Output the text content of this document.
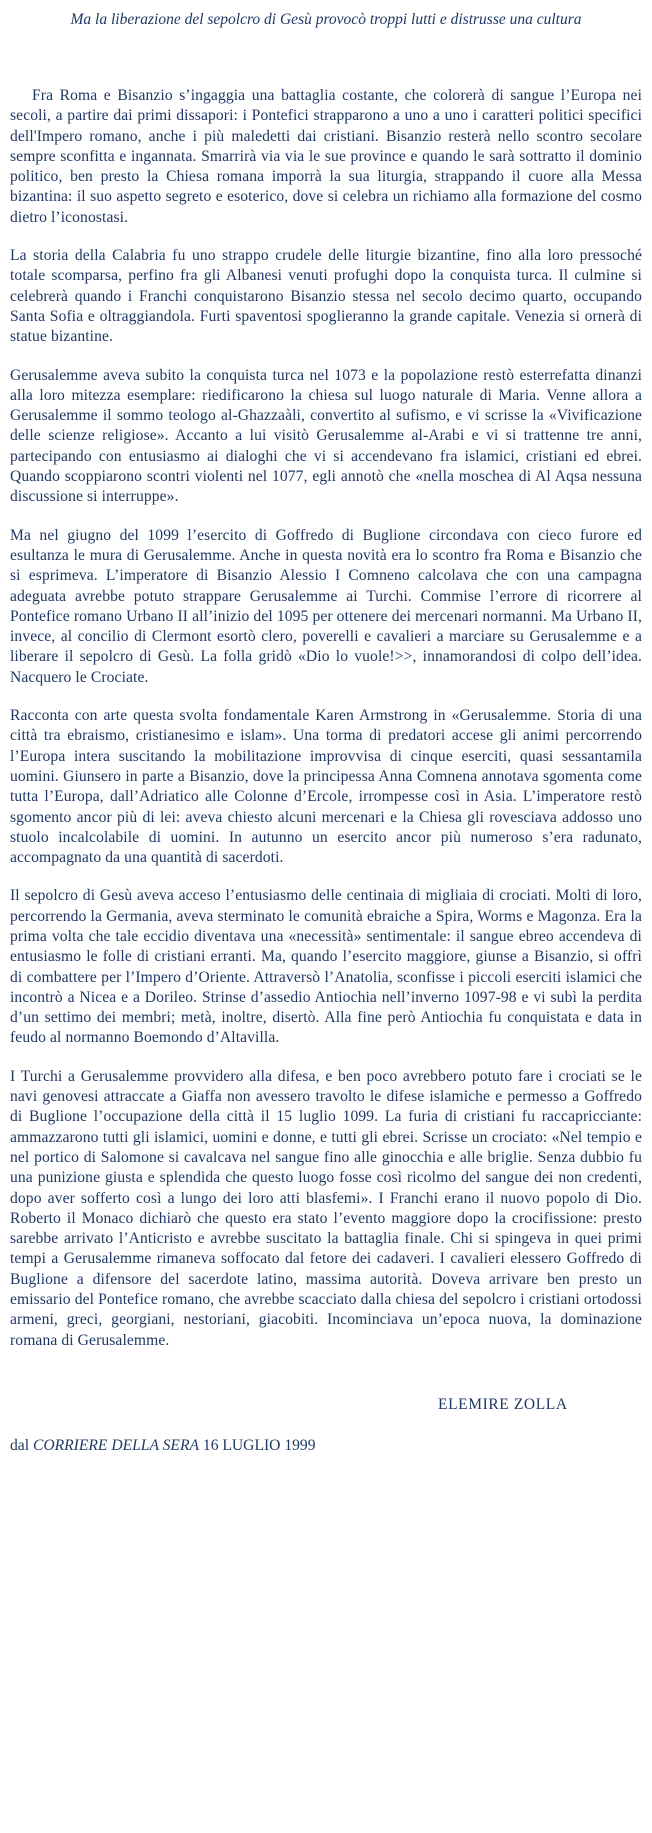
Ma la liberazione del sepolcro di Gesù provocò troppi lutti e distrusse una cultura

Fra Roma e Bisanzio s’ingaggia una battaglia costante, che colorerà di sangue l’Europa nei secoli, a partire dai primi dissapori: i Pontefici strapparono a uno a uno i caratteri politici specifici dell'Impero romano, anche i più maledetti dai cristiani. Bisanzio resterà nello scontro secolare sempre sconfitta e ingannata. Smarrirà via via le sue province e quando le sarà sottratto il dominio politico, ben presto la Chiesa romana imporrà la sua liturgia, strappando il cuore alla Messa bizantina: il suo aspetto segreto e esoterico, dove si celebra un richiamo alla formazione del cosmo dietro l’iconostasi.

La storia della Calabria fu uno strappo crudele delle liturgie bizantine, fino alla loro pressoché totale scomparsa, perfino fra gli Albanesi venuti profughi dopo la conquista turca. Il culmine si celebrerà quando i Franchi conquistarono Bisanzio stessa nel secolo decimo quarto, occupando Santa Sofia e oltraggiandola. Furti spaventosi spoglieranno la grande capitale. Venezia si ornerà di statue bizantine.

Gerusalemme aveva subito la conquista turca nel 1073 e la popolazione restò esterrefatta dinanzi alla loro mitezza esemplare: riedificarono la chiesa sul luogo naturale di Maria. Venne allora a Gerusalemme il sommo teologo al-Ghazzaàli, convertito al sufismo, e vi scrisse la «Vivificazione delle scienze religiose». Accanto a lui visitò Gerusalemme al-Arabi e vi si trattenne tre anni, partecipando con entusiasmo ai dialoghi che vi si accendevano fra islamici, cristiani ed ebrei. Quando scoppiarono scontri violenti nel 1077, egli annotò che «nella moschea di Al Aqsa nessuna discussione si interruppe».

Ma nel giugno del 1099 l’esercito di Goffredo di Buglione circondava con cieco furore ed esultanza le mura di Gerusalemme. Anche in questa novità era lo scontro fra Roma e Bisanzio che si esprimeva. L’imperatore di Bisanzio Alessio I Comneno calcolava che con una campagna adeguata avrebbe potuto strappare Gerusalemme ai Turchi. Commise l’errore di ricorrere al Pontefice romano Urbano II all’inizio del 1095 per ottenere dei mercenari normanni. Ma Urbano II, invece, al concilio di Clermont esortò clero, poverelli e cavalieri a marciare su Gerusalemme e a liberare il sepolcro di Gesù. La folla gridò «Dio lo vuole!>>, innamorandosi di colpo dell’idea. Nacquero le Crociate.

Racconta con arte questa svolta fondamentale Karen Armstrong in «Gerusalemme. Storia di una città tra ebraismo, cristianesimo e islam». Una torma di predatori accese gli animi percorrendo l’Europa intera suscitando la mobilitazione improvvisa di cinque eserciti, quasi sessantamila uomini. Giunsero in parte a Bisanzio, dove la principessa Anna Comnena annotava sgomenta come tutta l’Europa, dall’Adriatico alle Colonne d’Ercole, irrompesse così in Asia. L’imperatore restò sgomento ancor più di lei: aveva chiesto alcuni mercenari e la Chiesa gli rovesciava addosso uno stuolo incalcolabile di uomini. In autunno un esercito ancor più numeroso s’era radunato, accompagnato da una quantità di sacerdoti.

Il sepolcro di Gesù aveva acceso l’entusiasmo delle centinaia di migliaia di crociati. Molti di loro, percorrendo la Germania, aveva sterminato le comunità ebraiche a Spira, Worms e Magonza. Era la prima volta che tale eccidio diventava una «necessità» sentimentale: il sangue ebreo accendeva di entusiasmo le folle di cristiani erranti. Ma, quando l’esercito maggiore, giunse a Bisanzio, si offrì di combattere per l’Impero d’Oriente. Attraversò l’Anatolia, sconfisse i piccoli eserciti islamici che incontrò a Nicea e a Dorileo. Strinse d’assedio Antiochia nell’inverno 1097-98 e vi subì la perdita d’un settimo dei membri; metà, inoltre, disertò. Alla fine però Antiochia fu conquistata e data in feudo al normanno Boemondo d’Altavilla.

I Turchi a Gerusalemme provvidero alla difesa, e ben poco avrebbero potuto fare i crociati se le navi genovesi attraccate a Giaffa non avessero travolto le difese islamiche e permesso a Goffredo di Buglione l’occupazione della città il 15 luglio 1099. La furia di cristiani fu raccapricciante: ammazzarono tutti gli islamici, uomini e donne, e tutti gli ebrei. Scrisse un crociato: «Nel tempio e nel portico di Salomone si cavalcava nel sangue fino alle ginocchia e alle briglie. Senza dubbio fu una punizione giusta e splendida che questo luogo fosse così ricolmo del sangue dei non credenti, dopo aver sofferto così a lungo dei loro atti blasfemi». I Franchi erano il nuovo popolo di Dio. Roberto il Monaco dichiarò che questo era stato l’evento maggiore dopo la crocifissione: presto sarebbe arrivato l’Anticristo e avrebbe suscitato la battaglia finale. Chi si spingeva in quei primi tempi a Gerusalemme rimaneva soffocato dal fetore dei cadaveri. I cavalieri elessero Goffredo di Buglione a difensore del sacerdote latino, massima autorità. Doveva arrivare ben presto un emissario del Pontefice romano, che avrebbe scacciato dalla chiesa del sepolcro i cristiani ortodossi armeni, greci, georgiani, nestoriani, giacobiti. Incominciava un’epoca nuova, la dominazione romana di Gerusalemme.

ELEMIRE ZOLLA
dal CORRIERE DELLA SERA 16 LUGLIO 1999
